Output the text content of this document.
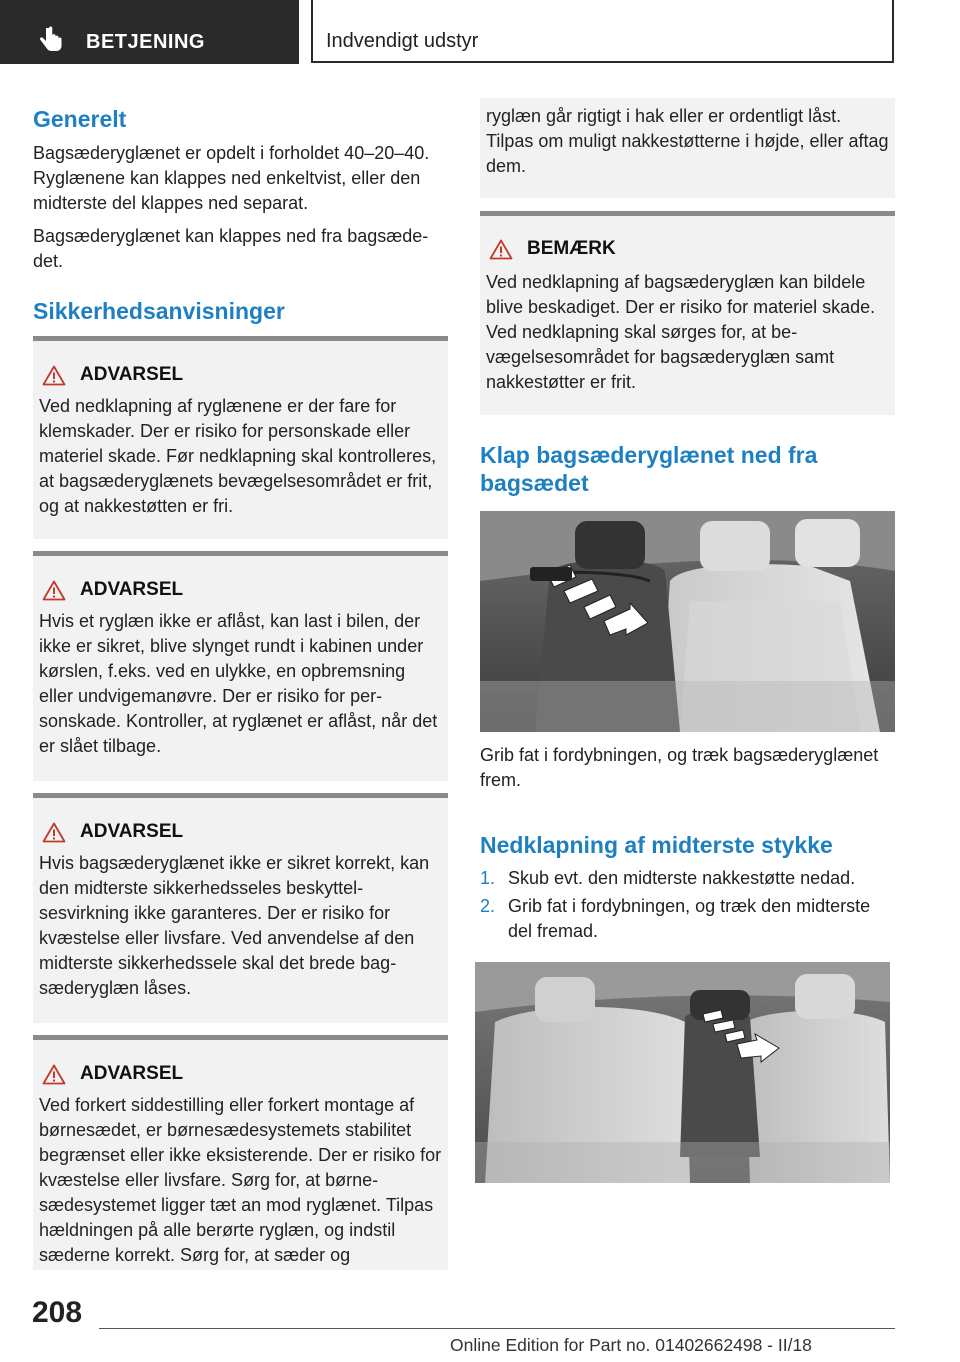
BETJENING	Indvendigt udstyr
Generelt

Bagsæderyglænet er opdelt i forholdet 40–20–40. Ryglænene kan klappes ned enkeltvist, eller den midterste del klappes ned separat.

Bagsæderyglænet kan klappes ned fra bagsædedet.

Sikkerhedsanvisninger
ADVARSEL
Ved nedklapning af ryglænene er der fare for klemskader. Der er risiko for personskade eller materiel skade. Før nedklapning skal kontrolleres, at bagsæderyglænets bevægelsesområdet er frit, og at nakkestøtten er fri.
ADVARSEL
Hvis et ryglæn ikke er aflåst, kan last i bilen, der ikke er sikret, blive slynget rundt i kabinen under kørslen, f.eks. ved en ulykke, en opbremsning eller undvigemanøvre. Der er risiko for personskade. Kontroller, at ryglænet er aflåst, når det er slået tilbage.
ADVARSEL
Hvis bagsæderyglænet ikke er sikret korrekt, kan den midterste sikkerhedsseles beskyttelsesvirkning ikke garanteres. Der er risiko for kvæstelse eller livsfare. Ved anvendelse af den midterste sikkerhedssele skal det brede bagsæderyglæn låses.
ADVARSEL
Ved forkert siddestilling eller forkert montage af børnesædet, er børnesædesystemets stabilitet begrænset eller ikke eksisterende. Der er risiko for kvæstelse eller livsfare. Sørg for, at børnesædesystemet ligger tæt an mod ryglænet. Tilpas hældningen på alle berørte ryglæn, og indstil sæderne korrekt. Sørg for, at sæder og
ryglæn går rigtigt i hak eller er ordentligt låst. Tilpas om muligt nakkestøtterne i højde, eller aftag dem.
BEMÆRK
Ved nedklapning af bagsæderyglæn kan bildele blive beskadiget. Der er risiko for materiel skade. Ved nedklapning skal sørges for, at bevægelsesområdet for bagsæderyglæn samt nakkestøtter er frit.
Klap bagsæderyglænet ned fra bagsædet

Grib fat i fordybningen, og træk bagsæderyglænet frem.

Nedklapning af midterste stykke
1. Skub evt. den midterste nakkestøtte nedad.
2. Grib fat i fordybningen, og træk den midterste del fremad.
208
Online Edition for Part no. 01402662498 - II/18
